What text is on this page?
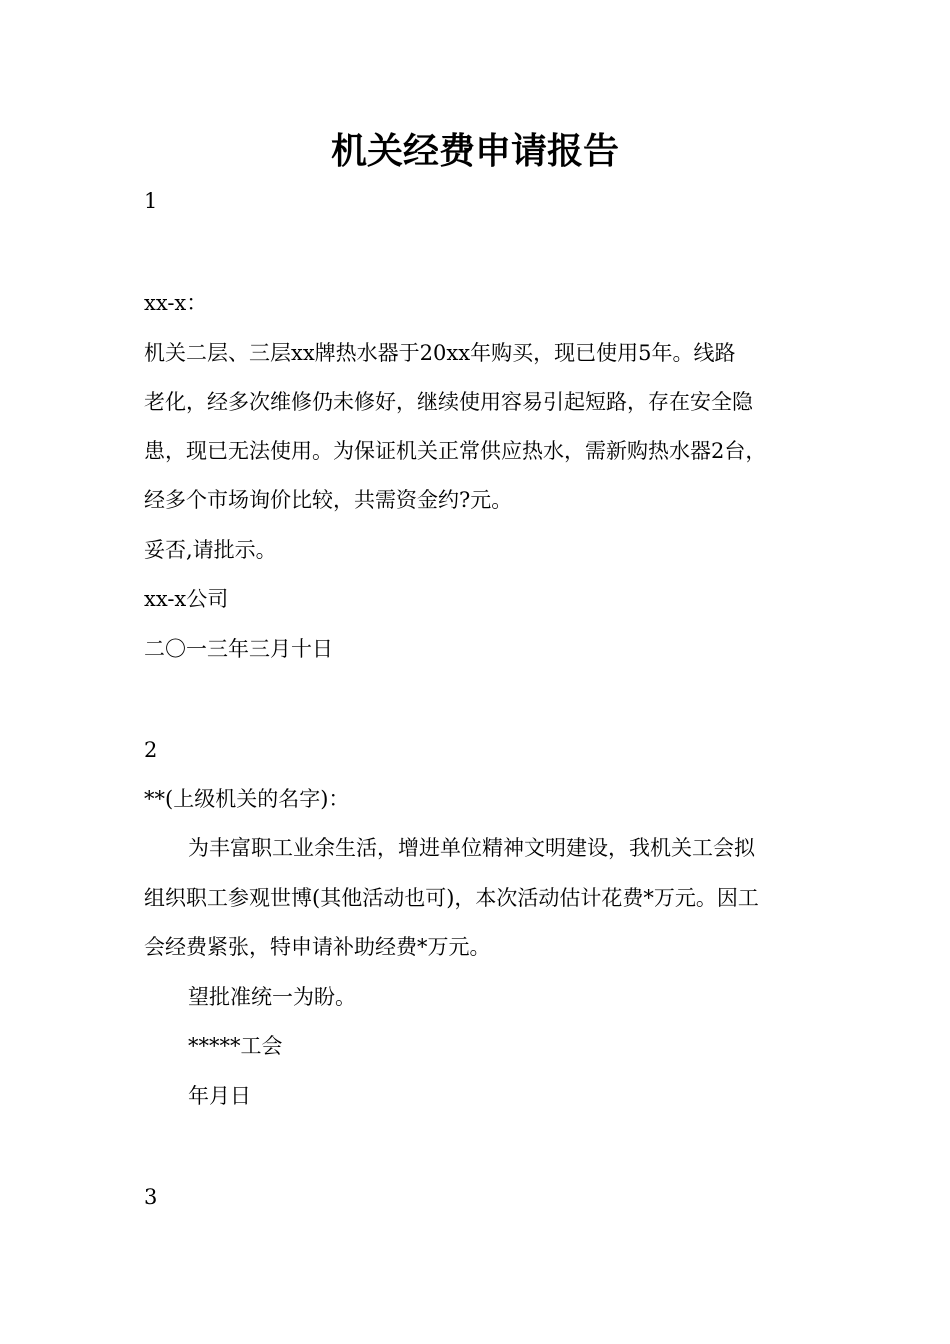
机关经费申请报告

1

xx-x：

机关二层、三层xx牌热水器于20xx年购买，现已使用5年。线路

老化，经多次维修仍未修好，继续使用容易引起短路，存在安全隐

患，现已无法使用。为保证机关正常供应热水，需新购热水器2台，

经多个市场询价比较，共需资金约?元。

妥否,请批示。

xx-x公司

二〇一三年三月十日

2

**(上级机关的名字)：

为丰富职工业余生活，增进单位精神文明建设，我机关工会拟

组织职工参观世博(其他活动也可)，本次活动估计花费*万元。因工

会经费紧张，特申请补助经费*万元。

望批准统一为盼。

*****工会

年月日

3
